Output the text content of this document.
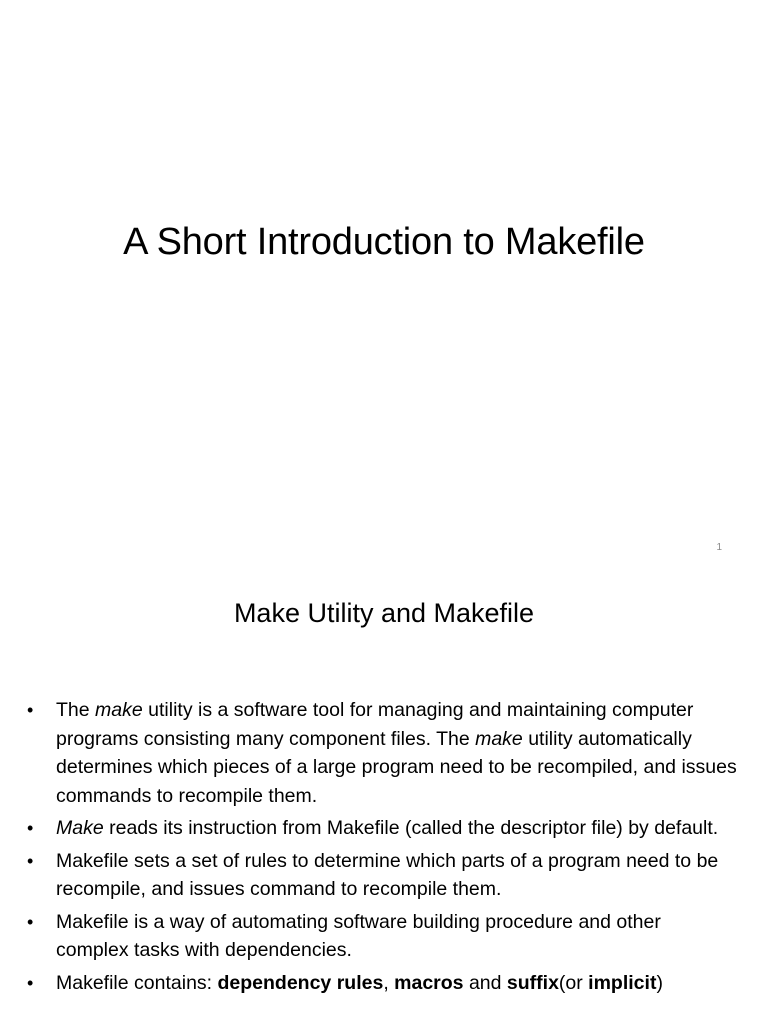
A Short Introduction to Makefile
1
Make Utility and Makefile
• The make utility is a software tool for managing and maintaining computer programs consisting many component files. The make utility automatically determines which pieces of a large program need to be recompiled, and issues commands to recompile them.
• Make reads its instruction from Makefile (called the descriptor file) by default.
• Makefile sets a set of rules to determine which parts of a program need to be recompile, and issues command to recompile them.
• Makefile is a way of automating software building procedure and other complex tasks with dependencies.
• Makefile contains: dependency rules, macros and suffix(or implicit)
